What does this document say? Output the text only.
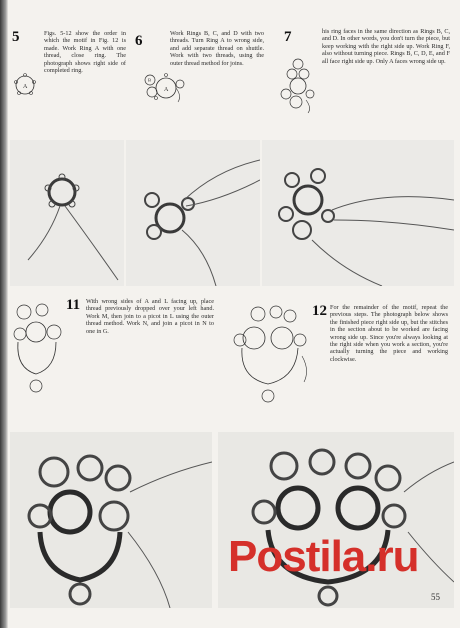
5
A
Figs. 5-12 show the order in which the motif in Fig. 12 is made. Work Ring A with one thread, close ring. The photograph shows right side of completed ring.
6
A
B
Work Rings B, C, and D with two threads. Turn Ring A to wrong side, and add separate thread on shuttle. Work with two threads, using the outer thread method for joins.
7	his ring faces in the same direction as Rings B, C, and D. In other words, you don't turn the piece, but keep working with the right side up. Work Ring F, also without turning piece. Rings B, C, D, E, and F all face right side up. Only A faces wrong side up.
11 With wrong sides of A and L facing up, place thread previously dropped over your left hand. Work M, then join to a picot in L using the outer thread method. Work N, and join a picot in N to one in G.
12 For the remainder of the motif, repeat the previous steps. The photograph below shows the finished piece right side up, but the stitches in the section about to be worked are facing wrong side up. Since you're always looking at the right side when you work a section, you're actually turning the piece and working clockwise.
Postila.ru
55
